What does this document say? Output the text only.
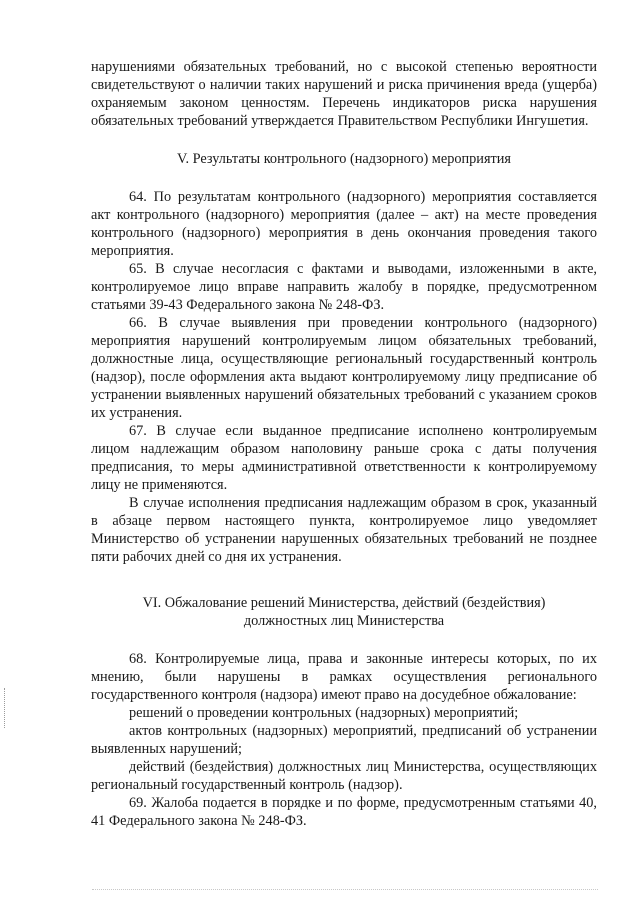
нарушениями обязательных требований, но с высокой степенью вероятности свидетельствуют о наличии таких нарушений и риска причинения вреда (ущерба) охраняемым законом ценностям. Перечень индикаторов риска нарушения обязательных требований утверждается Правительством Республики Ингушетия.

V. Результаты контрольного (надзорного) мероприятия

64. По результатам контрольного (надзорного) мероприятия составляется акт контрольного (надзорного) мероприятия (далее – акт) на месте проведения контрольного (надзорного) мероприятия в день окончания проведения такого мероприятия.

65. В случае несогласия с фактами и выводами, изложенными в акте, контролируемое лицо вправе направить жалобу в порядке, предусмотренном статьями 39-43 Федерального закона № 248-ФЗ.

66. В случае выявления при проведении контрольного (надзорного) мероприятия нарушений контролируемым лицом обязательных требований, должностные лица, осуществляющие региональный государственный контроль (надзор), после оформления акта выдают контролируемому лицу предписание об устранении выявленных нарушений обязательных требований с указанием сроков их устранения.

67. В случае если выданное предписание исполнено контролируемым лицом надлежащим образом наполовину раньше срока с даты получения предписания, то меры административной ответственности к контролируемому лицу не применяются.

В случае исполнения предписания надлежащим образом в срок, указанный в абзаце первом настоящего пункта, контролируемое лицо уведомляет Министерство об устранении нарушенных обязательных требований не позднее пяти рабочих дней со дня их устранения.

VI. Обжалование решений Министерства, действий (бездействия)

должностных лиц Министерства

68. Контролируемые лица, права и законные интересы которых, по их мнению, были нарушены в рамках осуществления регионального государственного контроля (надзора) имеют право на досудебное обжалование:

решений о проведении контрольных (надзорных) мероприятий;

актов контрольных (надзорных) мероприятий, предписаний об устранении выявленных нарушений;

действий (бездействия) должностных лиц Министерства, осуществляющих региональный государственный контроль (надзор).

69. Жалоба подается в порядке и по форме, предусмотренным статьями 40, 41 Федерального закона № 248-ФЗ.
